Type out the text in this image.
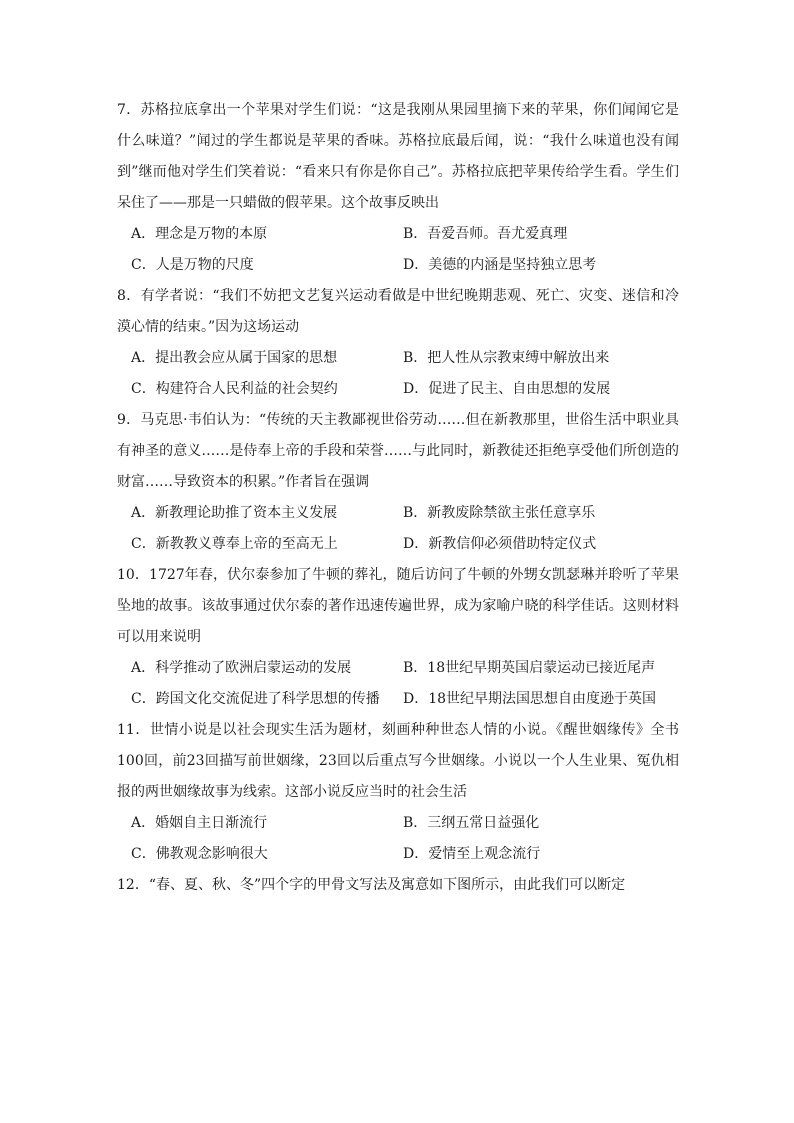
7．苏格拉底拿出一个苹果对学生们说：“这是我刚从果园里摘下来的苹果，你们闻闻它是什么味道？”闻过的学生都说是苹果的香味。苏格拉底最后闻，说：“我什么味道也没有闻到”继而他对学生们笑着说：“看来只有你是你自己”。苏格拉底把苹果传给学生看。学生们呆住了——那是一只蜡做的假苹果。这个故事反映出
A．理念是万物的本原	B．吾爱吾师。吾尤爱真理
C．人是万物的尺度	D．美德的内涵是坚持独立思考
8．有学者说：“我们不妨把文艺复兴运动看做是中世纪晚期悲观、死亡、灾变、迷信和冷漠心情的结束。”因为这场运动
A．提出教会应从属于国家的思想	B．把人性从宗教束缚中解放出来
C．构建符合人民利益的社会契约	D．促进了民主、自由思想的发展
9．马克思·韦伯认为：“传统的天主教鄙视世俗劳动……但在新教那里，世俗生活中职业具有神圣的意义……是侍奉上帝的手段和荣誉……与此同时，新教徒还拒绝享受他们所创造的财富……导致资本的积累。”作者旨在强调
A．新教理论助推了资本主义发展	B．新教废除禁欲主张任意享乐
C．新教教义尊奉上帝的至高无上	D．新教信仰必须借助特定仪式
10．1727年春，伏尔泰参加了牛顿的葬礼，随后访问了牛顿的外甥女凯瑟琳并聆听了苹果坠地的故事。该故事通过伏尔泰的著作迅速传遍世界，成为家喻户晓的科学佳话。这则材料可以用来说明
A．科学推动了欧洲启蒙运动的发展	B．18世纪早期英国启蒙运动已接近尾声
C．跨国文化交流促进了科学思想的传播	D．18世纪早期法国思想自由度逊于英国
11．世情小说是以社会现实生活为题材，刻画种种世态人情的小说。《醒世姻缘传》全书100回，前23回描写前世姻缘，23回以后重点写今世姻缘。小说以一个人生业果、冤仇相报的两世姻缘故事为线索。这部小说反应当时的社会生活
A．婚姻自主日渐流行	B．三纲五常日益强化
C．佛教观念影响很大	D．爱情至上观念流行
12．“春、夏、秋、冬”四个字的甲骨文写法及寓意如下图所示，由此我们可以断定
